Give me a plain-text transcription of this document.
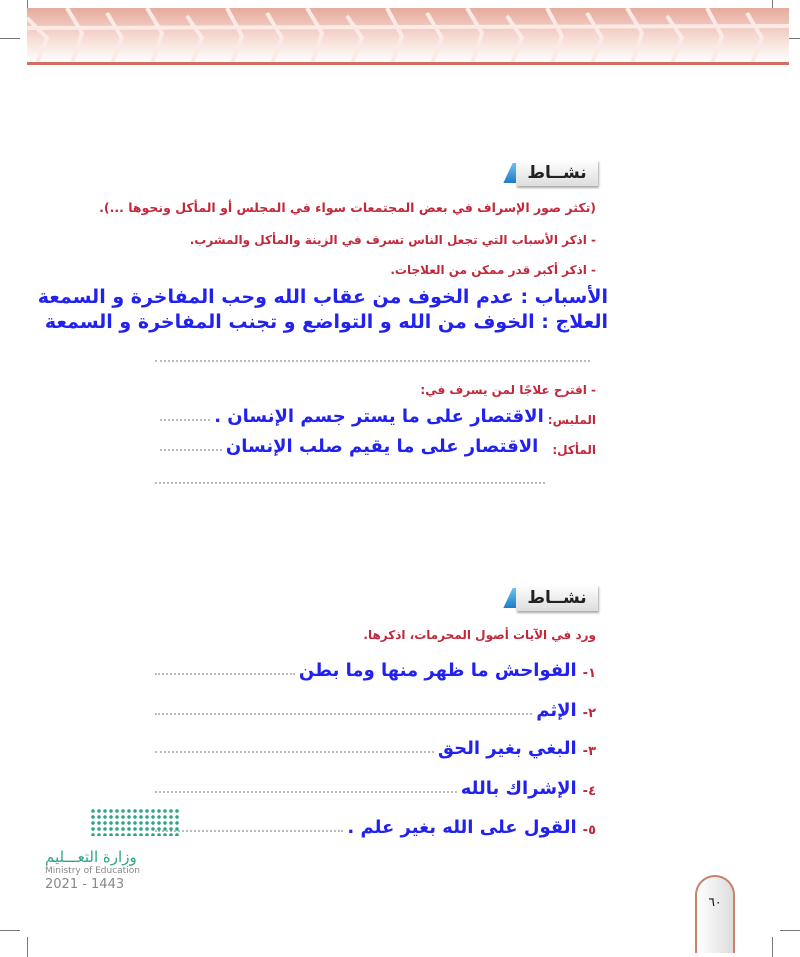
نشــاط
(تكثر صور الإسراف في بعض المجتمعات سواء في المجلس أو المأكل ونحوها ...).
- اذكر الأسباب التي تجعل الناس تسرف في الزينة والمأكل والمشرب.
- اذكر أكبر قدر ممكن من العلاجات.
الأسباب : عدم الخوف من عقاب الله وحب المفاخرة و السمعة
العلاج : الخوف من الله و التواضع و تجنب المفاخرة و السمعة
- اقترح علاجًا لمن يسرف في:
الملبس:
الاقتصار على ما يستر جسم الإنسان .
المأكل:
الاقتصار على ما يقيم صلب الإنسان
نشــاط
ورد في الآيات أصول المحرمات، اذكرها.
١-
الفواحش ما ظهر منها وما بطن
٢-
الإثم
٣-
البغي بغير الحق
٤-
الإشراك بالله
٥-
القول على الله بغير علم .
وزارة التعـــليم
Ministry of Education
2021 - 1443
٦٠
